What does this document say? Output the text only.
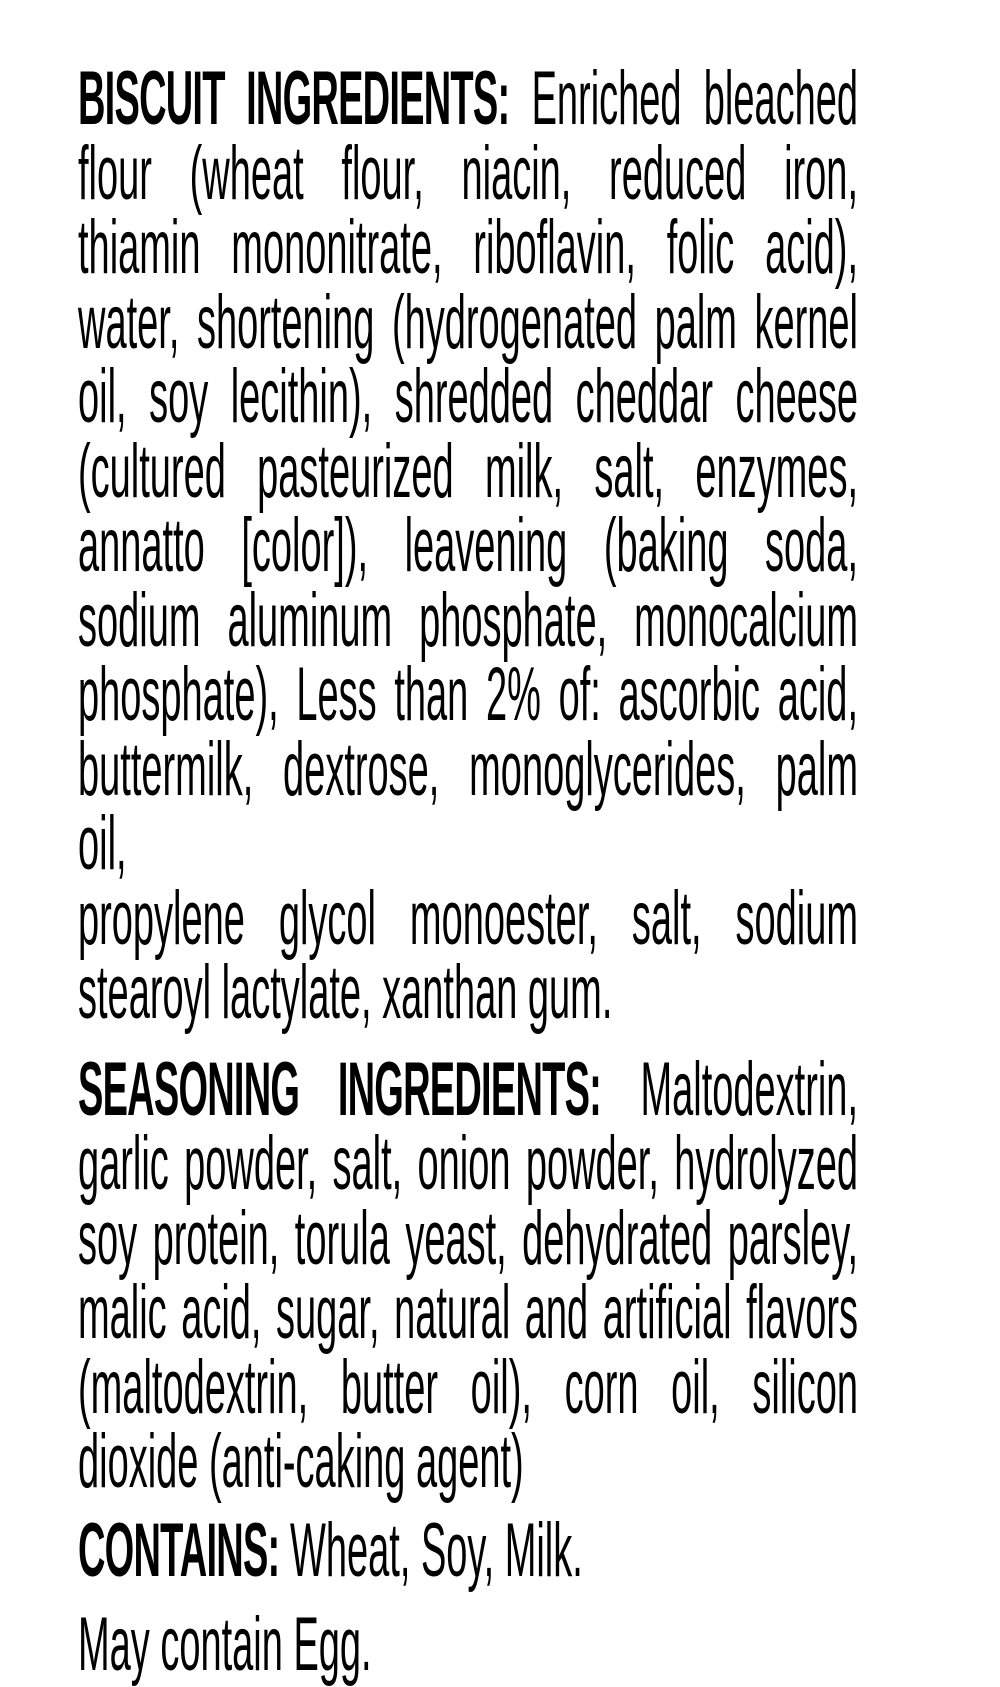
BISCUIT INGREDIENTS: Enriched bleached
flour (wheat flour, niacin, reduced iron,
thiamin mononitrate, riboflavin, folic acid),
water, shortening (hydrogenated palm kernel
oil, soy lecithin), shredded cheddar cheese
(cultured pasteurized milk, salt, enzymes,
annatto [color]), leavening (baking soda,
sodium aluminum phosphate, monocalcium
phosphate), Less than 2% of: ascorbic acid,
buttermilk, dextrose, monoglycerides, palm oil,
propylene glycol monoester, salt, sodium
stearoyl lactylate, xanthan gum.
SEASONING INGREDIENTS: Maltodextrin,
garlic powder, salt, onion powder, hydrolyzed
soy protein, torula yeast, dehydrated parsley,
malic acid, sugar, natural and artificial flavors
(maltodextrin, butter oil), corn oil, silicon
dioxide (anti-caking agent)
CONTAINS: Wheat, Soy, Milk.
May contain Egg.
